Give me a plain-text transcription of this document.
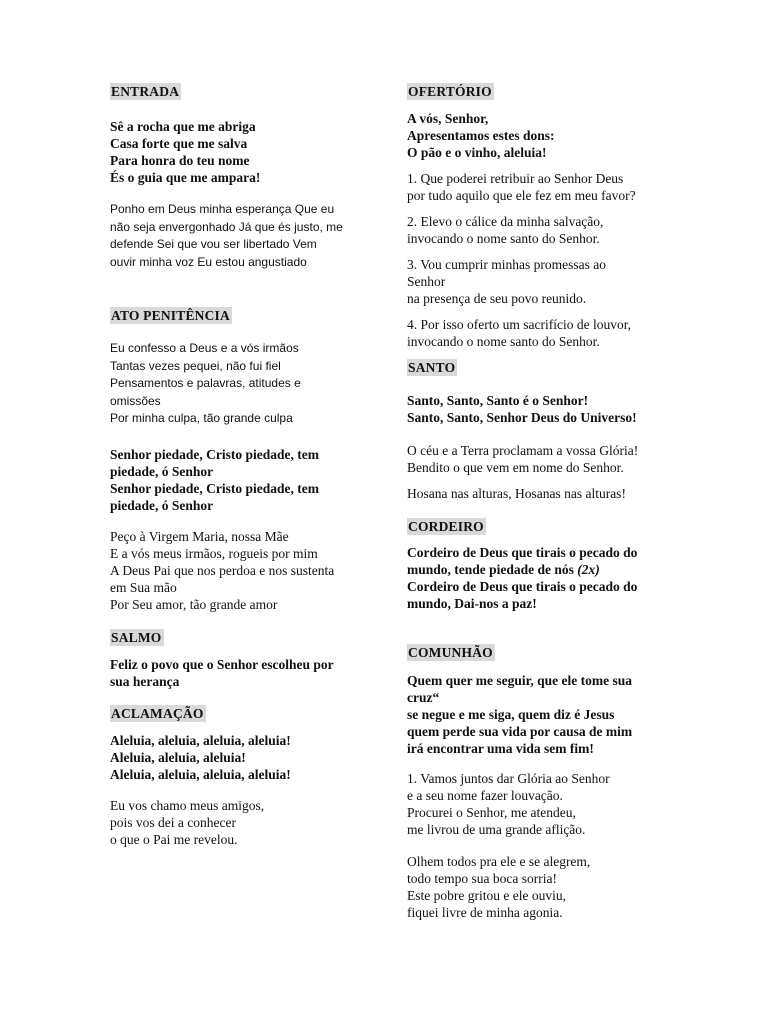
ENTRADA
Sê a rocha que me abriga
Casa forte que me salva
Para honra do teu nome
És o guia que me ampara!
Ponho em Deus minha esperança Que eu
não seja envergonhado Já que és justo, me
defende Sei que vou ser libertado Vem
ouvir minha voz Eu estou angustiado
ATO PENITÊNCIA
Eu confesso a Deus e a vós irmãos
Tantas vezes pequei, não fui fiel
Pensamentos e palavras, atitudes e
omissões
Por minha culpa, tão grande culpa
Senhor piedade, Cristo piedade, tem
piedade, ó Senhor
Senhor piedade, Cristo piedade, tem
piedade, ó Senhor
Peço à Virgem Maria, nossa Mãe
E a vós meus irmãos, rogueis por mim
A Deus Pai que nos perdoa e nos sustenta
em Sua mão
Por Seu amor, tão grande amor
SALMO
Feliz o povo que o Senhor escolheu por
sua herança
ACLAMAÇÃO
Aleluia, aleluia, aleluia, aleluia!
Aleluia, aleluia, aleluia!
Aleluia, aleluia, aleluia, aleluia!
Eu vos chamo meus amigos,
pois vos dei a conhecer
o que o Pai me revelou.
OFERTÓRIO
A vós, Senhor,
Apresentamos estes dons:
O pão e o vinho, aleluia!
1. Que poderei retribuir ao Senhor Deus
por tudo aquilo que ele fez em meu favor?
2. Elevo o cálice da minha salvação,
invocando o nome santo do Senhor.
3. Vou cumprir minhas promessas ao
Senhor
na presença de seu povo reunido.
4. Por isso oferto um sacrifício de louvor,
invocando o nome santo do Senhor.
SANTO
Santo, Santo, Santo é o Senhor!
Santo, Santo, Senhor Deus do Universo!
O céu e a Terra proclamam a vossa Glória!
Bendito o que vem em nome do Senhor.
Hosana nas alturas, Hosanas nas alturas!
CORDEIRO
Cordeiro de Deus que tirais o pecado do
mundo, tende piedade de nós (2x)
Cordeiro de Deus que tirais o pecado do
mundo, Dai-nos a paz!
COMUNHÃO
Quem quer me seguir, que ele tome sua
cruz“
se negue e me siga, quem diz é Jesus
quem perde sua vida por causa de mim
irá encontrar uma vida sem fim!
1. Vamos juntos dar Glória ao Senhor
e a seu nome fazer louvação.
Procurei o Senhor, me atendeu,
me livrou de uma grande aflição.
Olhem todos pra ele e se alegrem,
todo tempo sua boca sorria!
Este pobre gritou e ele ouviu,
fiquei livre de minha agonia.
